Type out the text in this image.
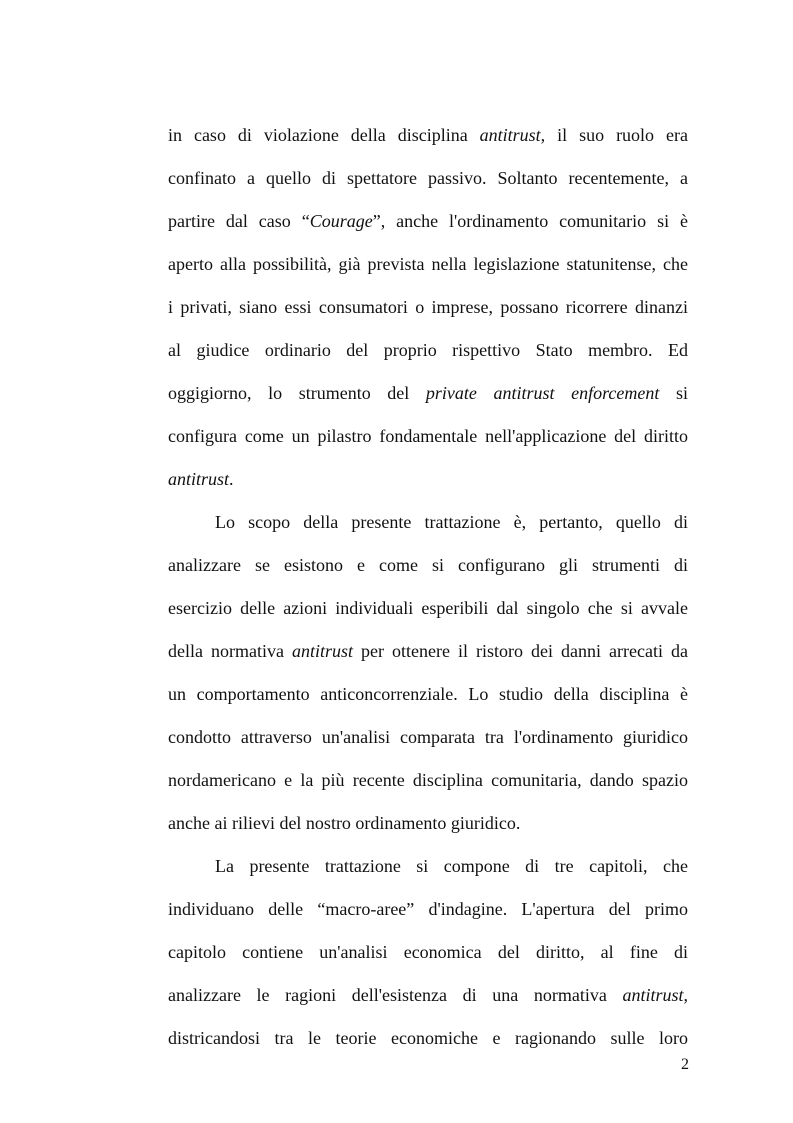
in caso di violazione della disciplina antitrust, il suo ruolo era
confinato a quello di spettatore passivo. Soltanto recentemente, a
partire dal caso “Courage”, anche l'ordinamento comunitario si è
aperto alla possibilità, già prevista nella legislazione statunitense, che
i privati, siano essi consumatori o imprese, possano ricorrere dinanzi
al giudice ordinario del proprio rispettivo Stato membro. Ed
oggigiorno, lo strumento del private antitrust enforcement si
configura come un pilastro fondamentale nell'applicazione del diritto
antitrust.
Lo scopo della presente trattazione è, pertanto, quello di
analizzare se esistono e come si configurano gli strumenti di
esercizio delle azioni individuali esperibili dal singolo che si avvale
della normativa antitrust per ottenere il ristoro dei danni arrecati da
un comportamento anticoncorrenziale. Lo studio della disciplina è
condotto attraverso un'analisi comparata tra l'ordinamento giuridico
nordamericano e la più recente disciplina comunitaria, dando spazio
anche ai rilievi del nostro ordinamento giuridico.
La presente trattazione si compone di tre capitoli, che
individuano delle “macro-aree” d'indagine. L'apertura del primo
capitolo contiene un'analisi economica del diritto, al fine di
analizzare le ragioni dell'esistenza di una normativa antitrust,
districandosi tra le teorie economiche e ragionando sulle loro
2
